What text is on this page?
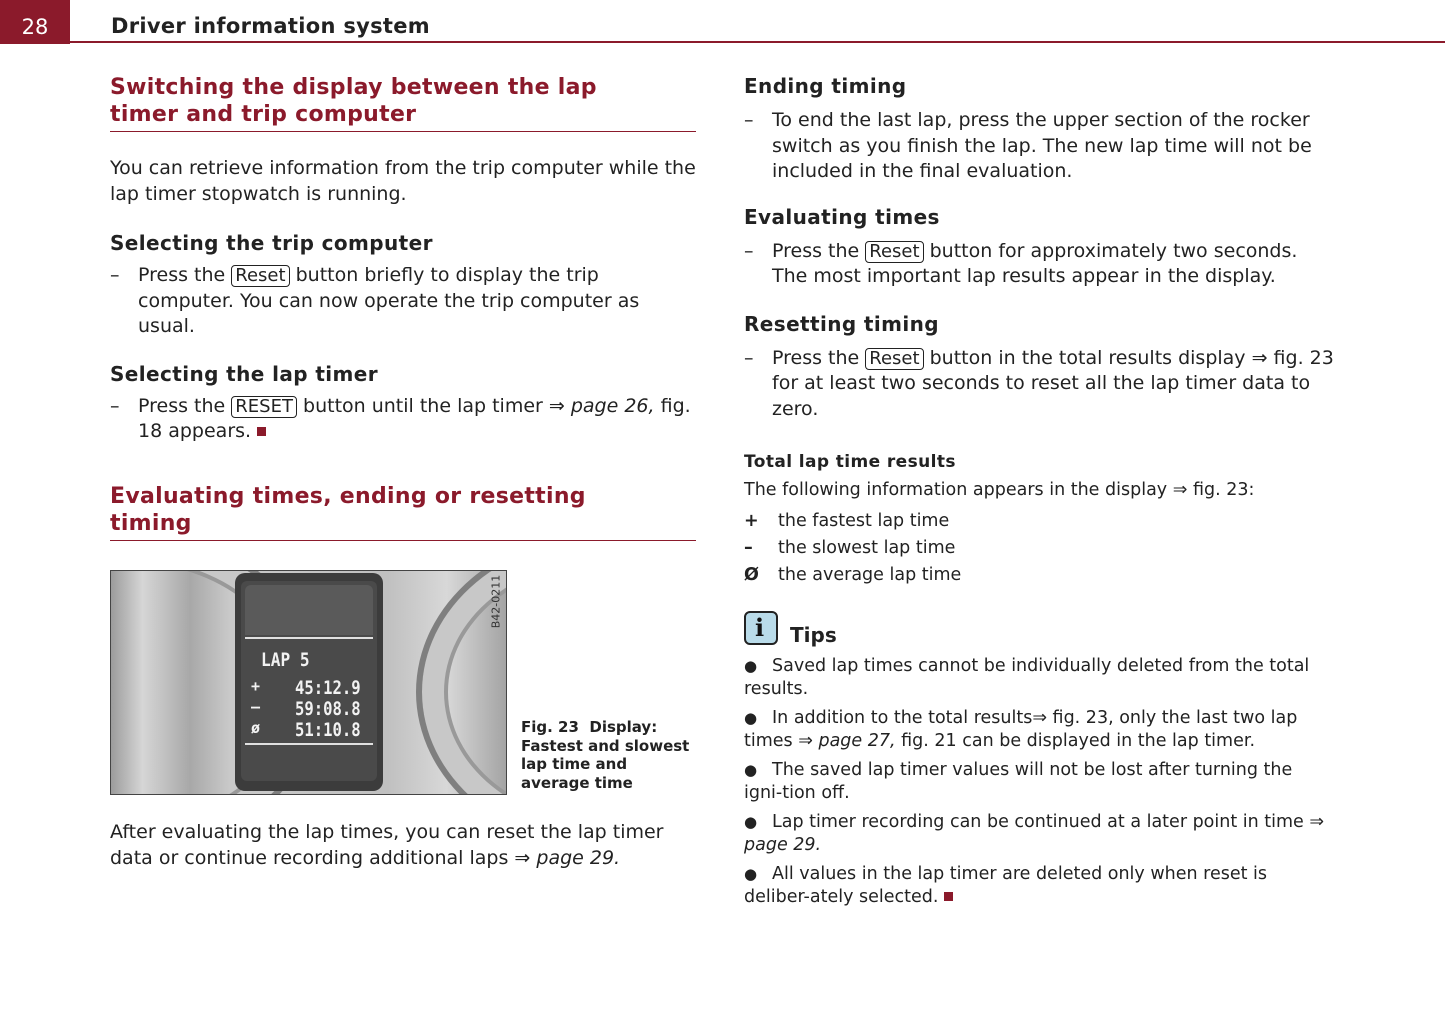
28	Driver information system
Switching the display between the lap timer and trip computer

You can retrieve information from the trip computer while the lap timer stopwatch is running.

Selecting the trip computer
– Press the Reset button briefly to display the trip computer. You can now operate the trip computer as usual.
Selecting the lap timer
– Press the RESET button until the lap timer ⇒ page 26, fig. 18 appears.
Evaluating times, ending or resetting timing
LAP 5
+ 45:12.9
– 59:08.8
ø 51:10.8
B42-0211
Fig. 23 Display: Fastest and slowest lap time and average time

After evaluating the lap times, you can reset the lap timer data or continue recording additional laps ⇒ page 29.

Ending timing
– To end the last lap, press the upper section of the rocker switch as you finish the lap. The new lap time will not be included in the final evaluation.
Evaluating times
– Press the Reset button for approximately two seconds. The most important lap results appear in the display.
Resetting timing
– Press the Reset button in the total results display ⇒ fig. 23 for at least two seconds to reset all the lap timer data to zero.
Total lap time results

The following information appears in the display ⇒ fig. 23:

+ the fastest lap time
– the slowest lap time
Ø the average lap time
i Tips
● Saved lap times cannot be individually deleted from the total results.
● In addition to the total results⇒ fig. 23, only the last two lap times ⇒ page 27, fig. 21 can be displayed in the lap timer.
● The saved lap timer values will not be lost after turning the igni-tion off.
● Lap timer recording can be continued at a later point in time ⇒ page 29.
● All values in the lap timer are deleted only when reset is deliber-ately selected.
